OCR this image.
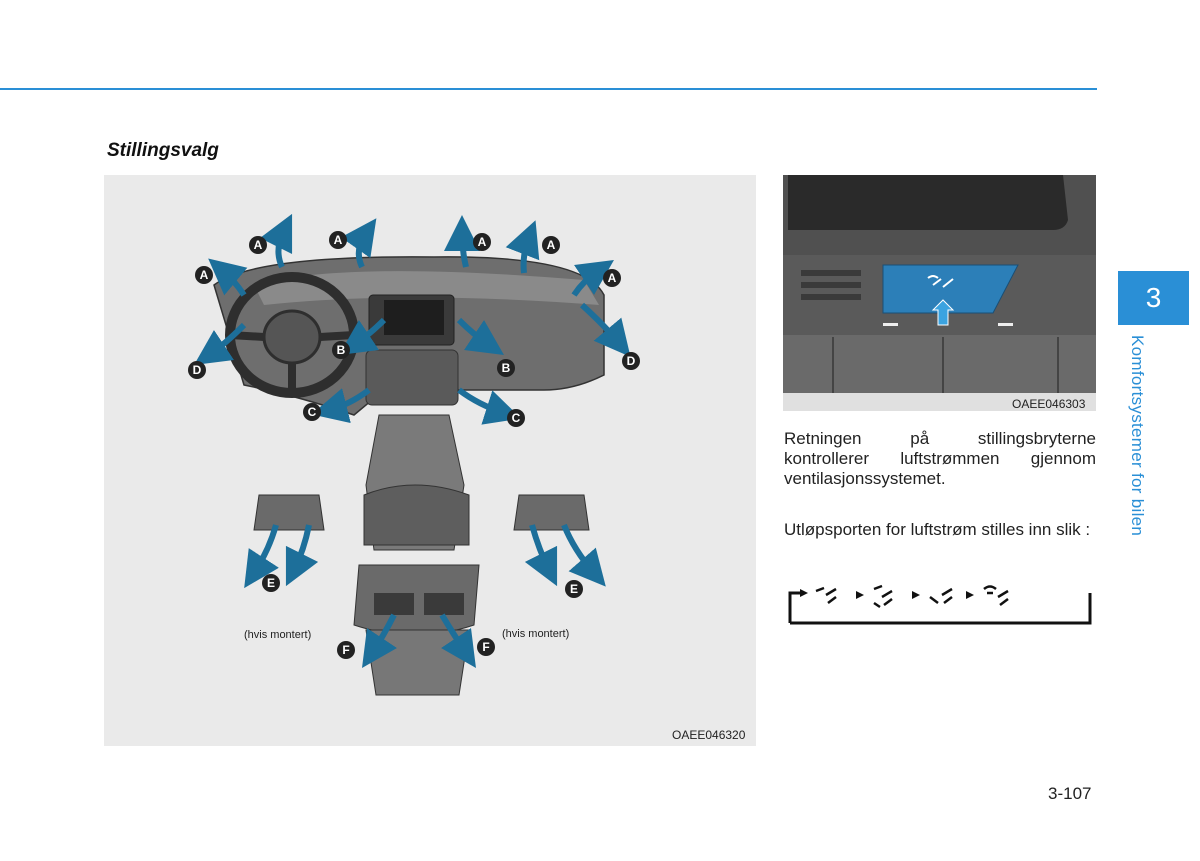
Stillingsvalg
A	A	A	A
A	A
B
B
C	C
D
D
E	E
F	F
(hvis montert)	(hvis montert)
OAEE046320
OAEE046303
Retningen på stillingsbryterne kontrollerer luftstrømmen gjennom ventilasjonssystemet.
Utløpsporten for luftstrøm stilles inn slik :
3
Komfortsystemer for bilen
3-107
